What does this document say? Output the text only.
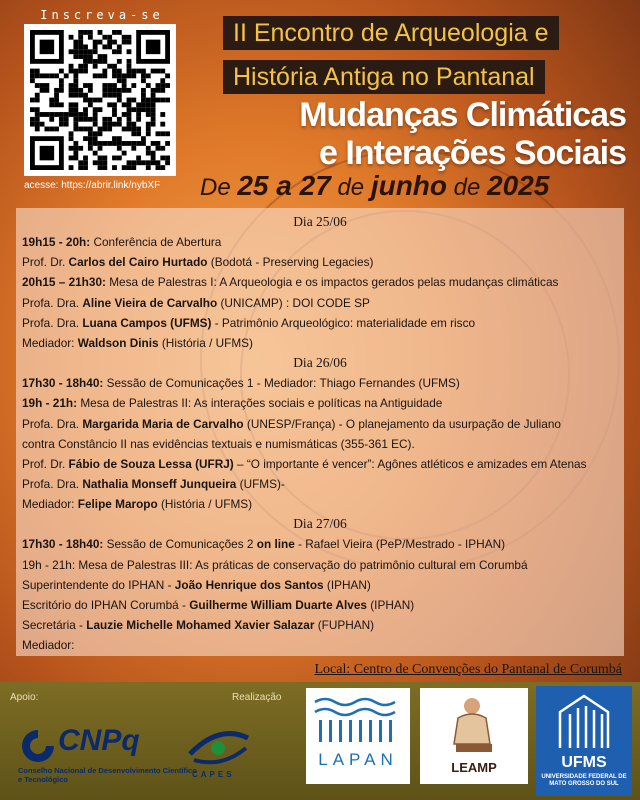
Inscreva-se
acesse: https://abrir.link/nybXF
II Encontro de Arqueologia e
História Antiga no Pantanal
Mudanças Climáticas
e Interações Sociais
De 25 a 27 de junho de 2025
Dia 25/06
19h15 - 20h: Conferência de Abertura
Prof. Dr. Carlos del Cairo Hurtado (Bodotá - Preserving Legacies)
20h15 – 21h30: Mesa de Palestras I: A Arqueologia e os impactos gerados pelas mudanças climáticas
Profa. Dra. Aline Vieira de Carvalho (UNICAMP) : DOI CODE SP
Profa. Dra. Luana Campos (UFMS) - Patrimônio Arqueológico: materialidade em risco
Mediador: Waldson Dinis (História / UFMS)
Dia 26/06
17h30 - 18h40: Sessão de Comunicações 1 - Mediador: Thiago Fernandes (UFMS)
19h - 21h: Mesa de Palestras II: As interações sociais e políticas na Antiguidade
Profa. Dra. Margarida Maria de Carvalho (UNESP/França) - O planejamento da usurpação de Juliano
contra Constâncio II nas evidências textuais e numismáticas (355-361 EC).
Prof. Dr. Fábio de Souza Lessa (UFRJ) – “O importante é vencer”: Agônes atléticos e amizades em Atenas
Profa. Dra. Nathalia Monseff Junqueira (UFMS)-
Mediador: Felipe Maropo (História / UFMS)
Dia 27/06
17h30 - 18h40: Sessão de Comunicações 2 on line - Rafael Vieira (PeP/Mestrado - IPHAN)
19h - 21h: Mesa de Palestras III: As práticas de conservação do patrimônio cultural em Corumbá
Superintendente do IPHAN - João Henrique dos Santos (IPHAN)
Escritório do IPHAN Corumbá - Guilherme William Duarte Alves (IPHAN)
Secretária - Lauzie Michelle Mohamed Xavier Salazar (FUPHAN)
Mediador:
Local: Centro de Convenções do Pantanal de Corumbá
Apoio:	Realização
CNPq
Conselho Nacional de Desenvolvimento Científico e Tecnológico
CAPES
LAPAN	LEAMP	UFMS
UNIVERSIDADE FEDERAL DE MATO GROSSO DO SUL
